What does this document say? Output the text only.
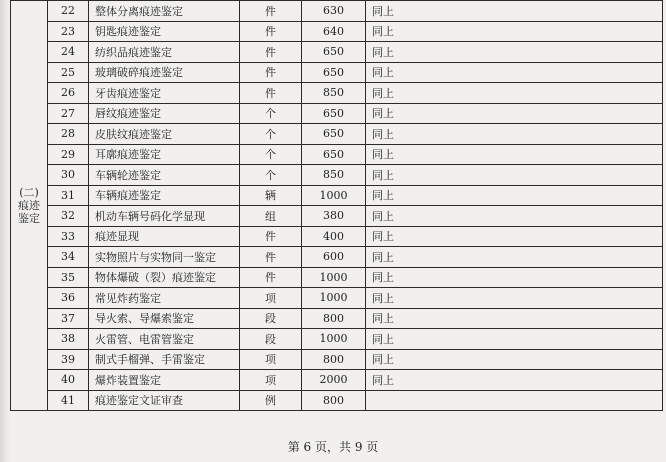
(二)痕迹鉴定	22	整体分离痕迹鉴定	件	630	同上
	23	钥匙痕迹鉴定	件	640	同上
	24	纺织品痕迹鉴定	件	650	同上
	25	玻璃破碎痕迹鉴定	件	650	同上
	26	牙齿痕迹鉴定	件	850	同上
	27	唇纹痕迹鉴定	个	650	同上
	28	皮肤纹痕迹鉴定	个	650	同上
	29	耳廓痕迹鉴定	个	650	同上
	30	车辆轮迹鉴定	个	850	同上
	31	车辆痕迹鉴定	辆	1000	同上
	32	机动车辆号码化学显现	组	380	同上
	33	痕迹显现	件	400	同上
	34	实物照片与实物同一鉴定	件	600	同上
	35	物体爆破（裂）痕迹鉴定	件	1000	同上
	36	常见炸药鉴定	项	1000	同上
	37	导火索、导爆索鉴定	段	800	同上
	38	火雷管、电雷管鉴定	段	1000	同上
	39	制式手榴弹、手雷鉴定	项	800	同上
	40	爆炸装置鉴定	项	2000	同上
	41	痕迹鉴定文证审查	例	800	
第 6 页，共 9 页
